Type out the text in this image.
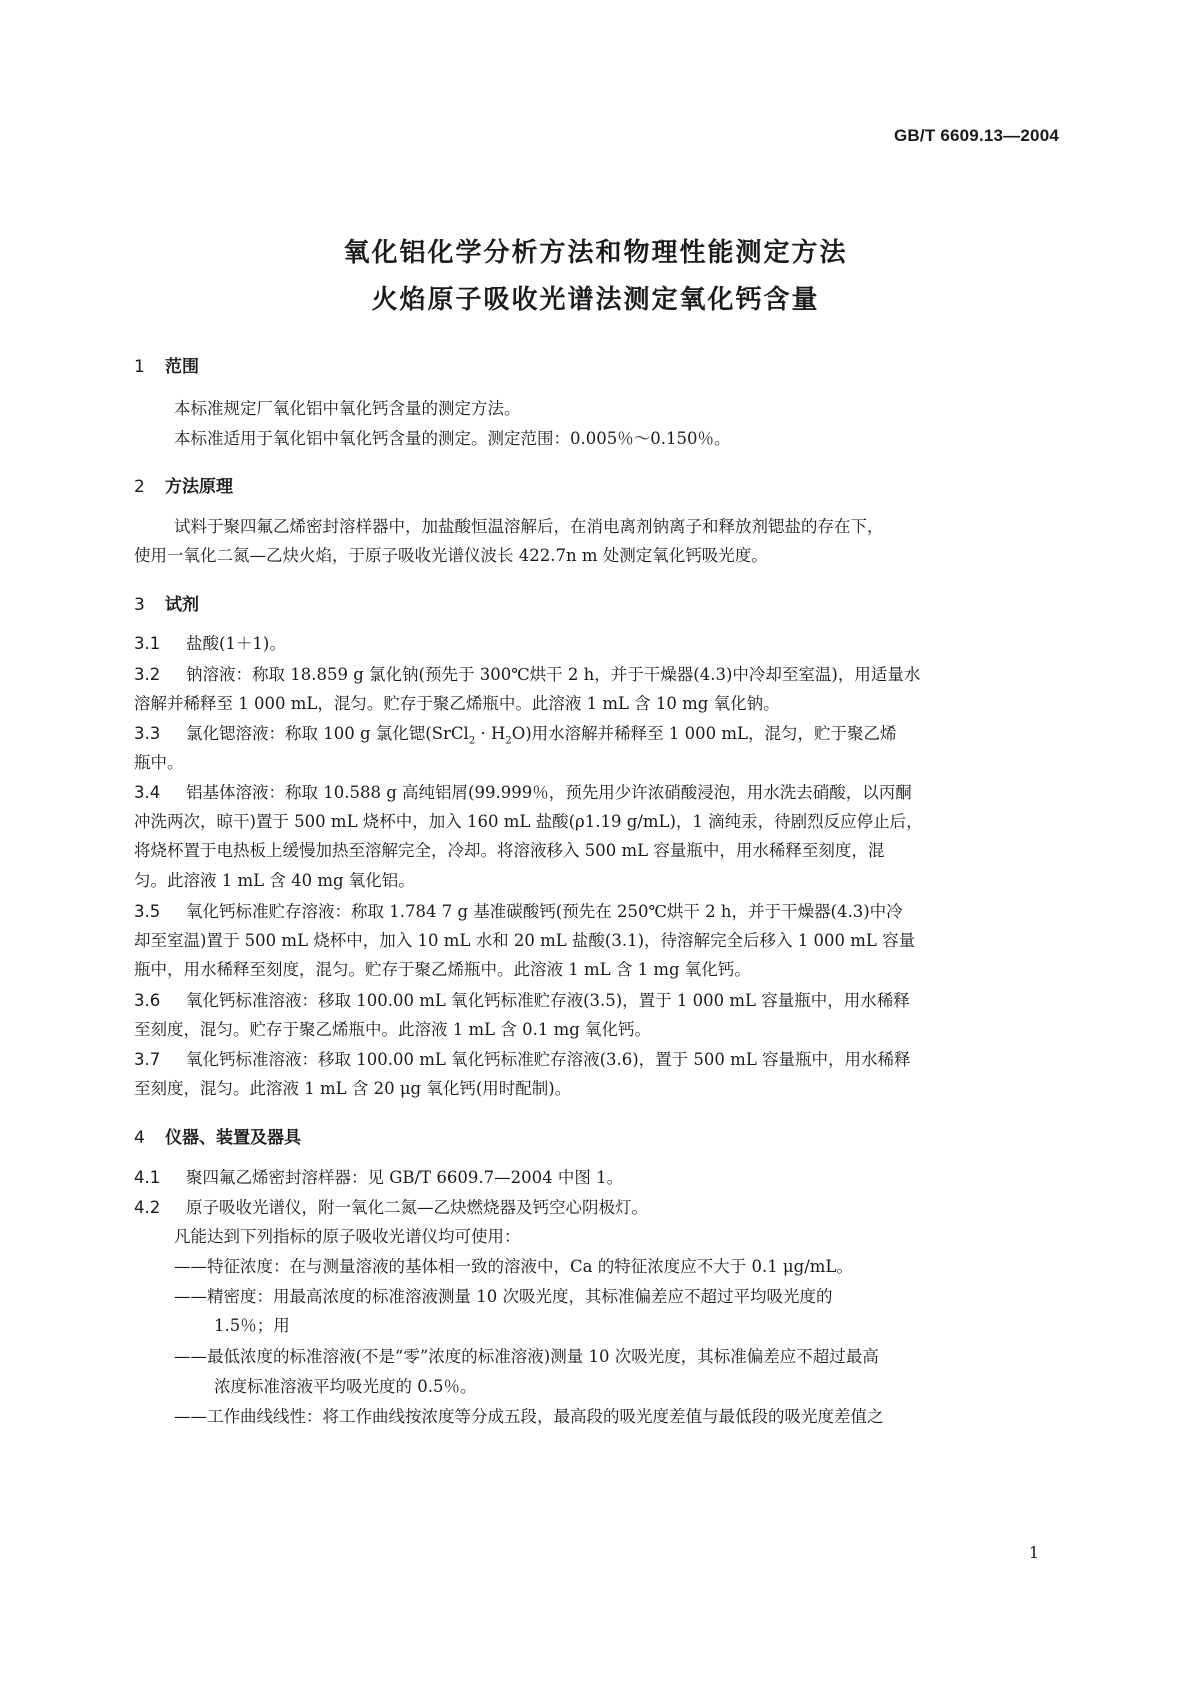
GB/T 6609.13—2004
氧化铝化学分析方法和物理性能测定方法
火焰原子吸收光谱法测定氧化钙含量
1 范围
本标准规定厂氧化铝中氧化钙含量的测定方法。
本标准适用于氧化铝中氧化钙含量的测定。测定范围：0.005％～0.150％。
2 方法原理
试料于聚四氟乙烯密封溶样器中，加盐酸恒温溶解后，在消电离剂钠离子和释放剂锶盐的存在下，
使用一氧化二氮—乙炔火焰，于原子吸收光谱仪波长 422.7n m 处测定氧化钙吸光度。
3 试剂
3.1 盐酸(1＋1)。
3.2 钠溶液：称取 18.859 g 氯化钠(预先于 300℃烘干 2 h，并于干燥器(4.3)中冷却至室温)，用适量水
溶解并稀释至 1 000 mL，混匀。贮存于聚乙烯瓶中。此溶液 1 mL 含 10 mg 氧化钠。
3.3 氯化锶溶液：称取 100 g 氯化锶(SrCl$_2$ · $H_2O$)用水溶解并稀释至 1 000 mL，混匀，贮于聚乙烯
瓶中。
3.4 铝基体溶液：称取 10.588 g 高纯铝屑(99.999％，预先用少许浓硝酸浸泡，用水洗去硝酸，以丙酮
冲洗两次，晾干)置于 500 mL 烧杯中，加入 160 mL 盐酸(ρ1.19 g/mL)，1 滴纯汞，待剧烈反应停止后，
将烧杯置于电热板上缓慢加热至溶解完全，冷却。将溶液移入 500 mL 容量瓶中，用水稀释至刻度，混
匀。此溶液 1 mL 含 40 mg 氧化铝。
3.5 氧化钙标准贮存溶液：称取 1.784 7 g 基准碳酸钙(预先在 250℃烘干 2 h，并于干燥器(4.3)中冷
却至室温)置于 500 mL 烧杯中，加入 10 mL 水和 20 mL 盐酸(3.1)，待溶解完全后移入 1 000 mL 容量
瓶中，用水稀释至刻度，混匀。贮存于聚乙烯瓶中。此溶液 1 mL 含 1 mg 氧化钙。
3.6 氧化钙标准溶液：移取 100.00 mL 氧化钙标准贮存液(3.5)，置于 1 000 mL 容量瓶中，用水稀释
至刻度，混匀。贮存于聚乙烯瓶中。此溶液 1 mL 含 0.1 mg 氧化钙。
3.7 氧化钙标准溶液：移取 100.00 mL 氧化钙标准贮存溶液(3.6)，置于 500 mL 容量瓶中，用水稀释
至刻度，混匀。此溶液 1 mL 含 20 μg 氧化钙(用时配制)。
4 仪器、装置及器具
4.1 聚四氟乙烯密封溶样器：见 GB/T 6609.7—2004 中图 1。
4.2 原子吸收光谱仪，附一氧化二氮—乙炔燃烧器及钙空心阴极灯。
凡能达到下列指标的原子吸收光谱仪均可使用：
——特征浓度：在与测量溶液的基体相一致的溶液中，Ca 的特征浓度应不大于 0.1 μg/mL。
——精密度：用最高浓度的标准溶液测量 10 次吸光度，其标准偏差应不超过平均吸光度的
1.5％；用
——最低浓度的标准溶液(不是“零”浓度的标准溶液)测量 10 次吸光度，其标准偏差应不超过最高
浓度标准溶液平均吸光度的 0.5％。
——工作曲线线性：将工作曲线按浓度等分成五段，最高段的吸光度差值与最低段的吸光度差值之
1
